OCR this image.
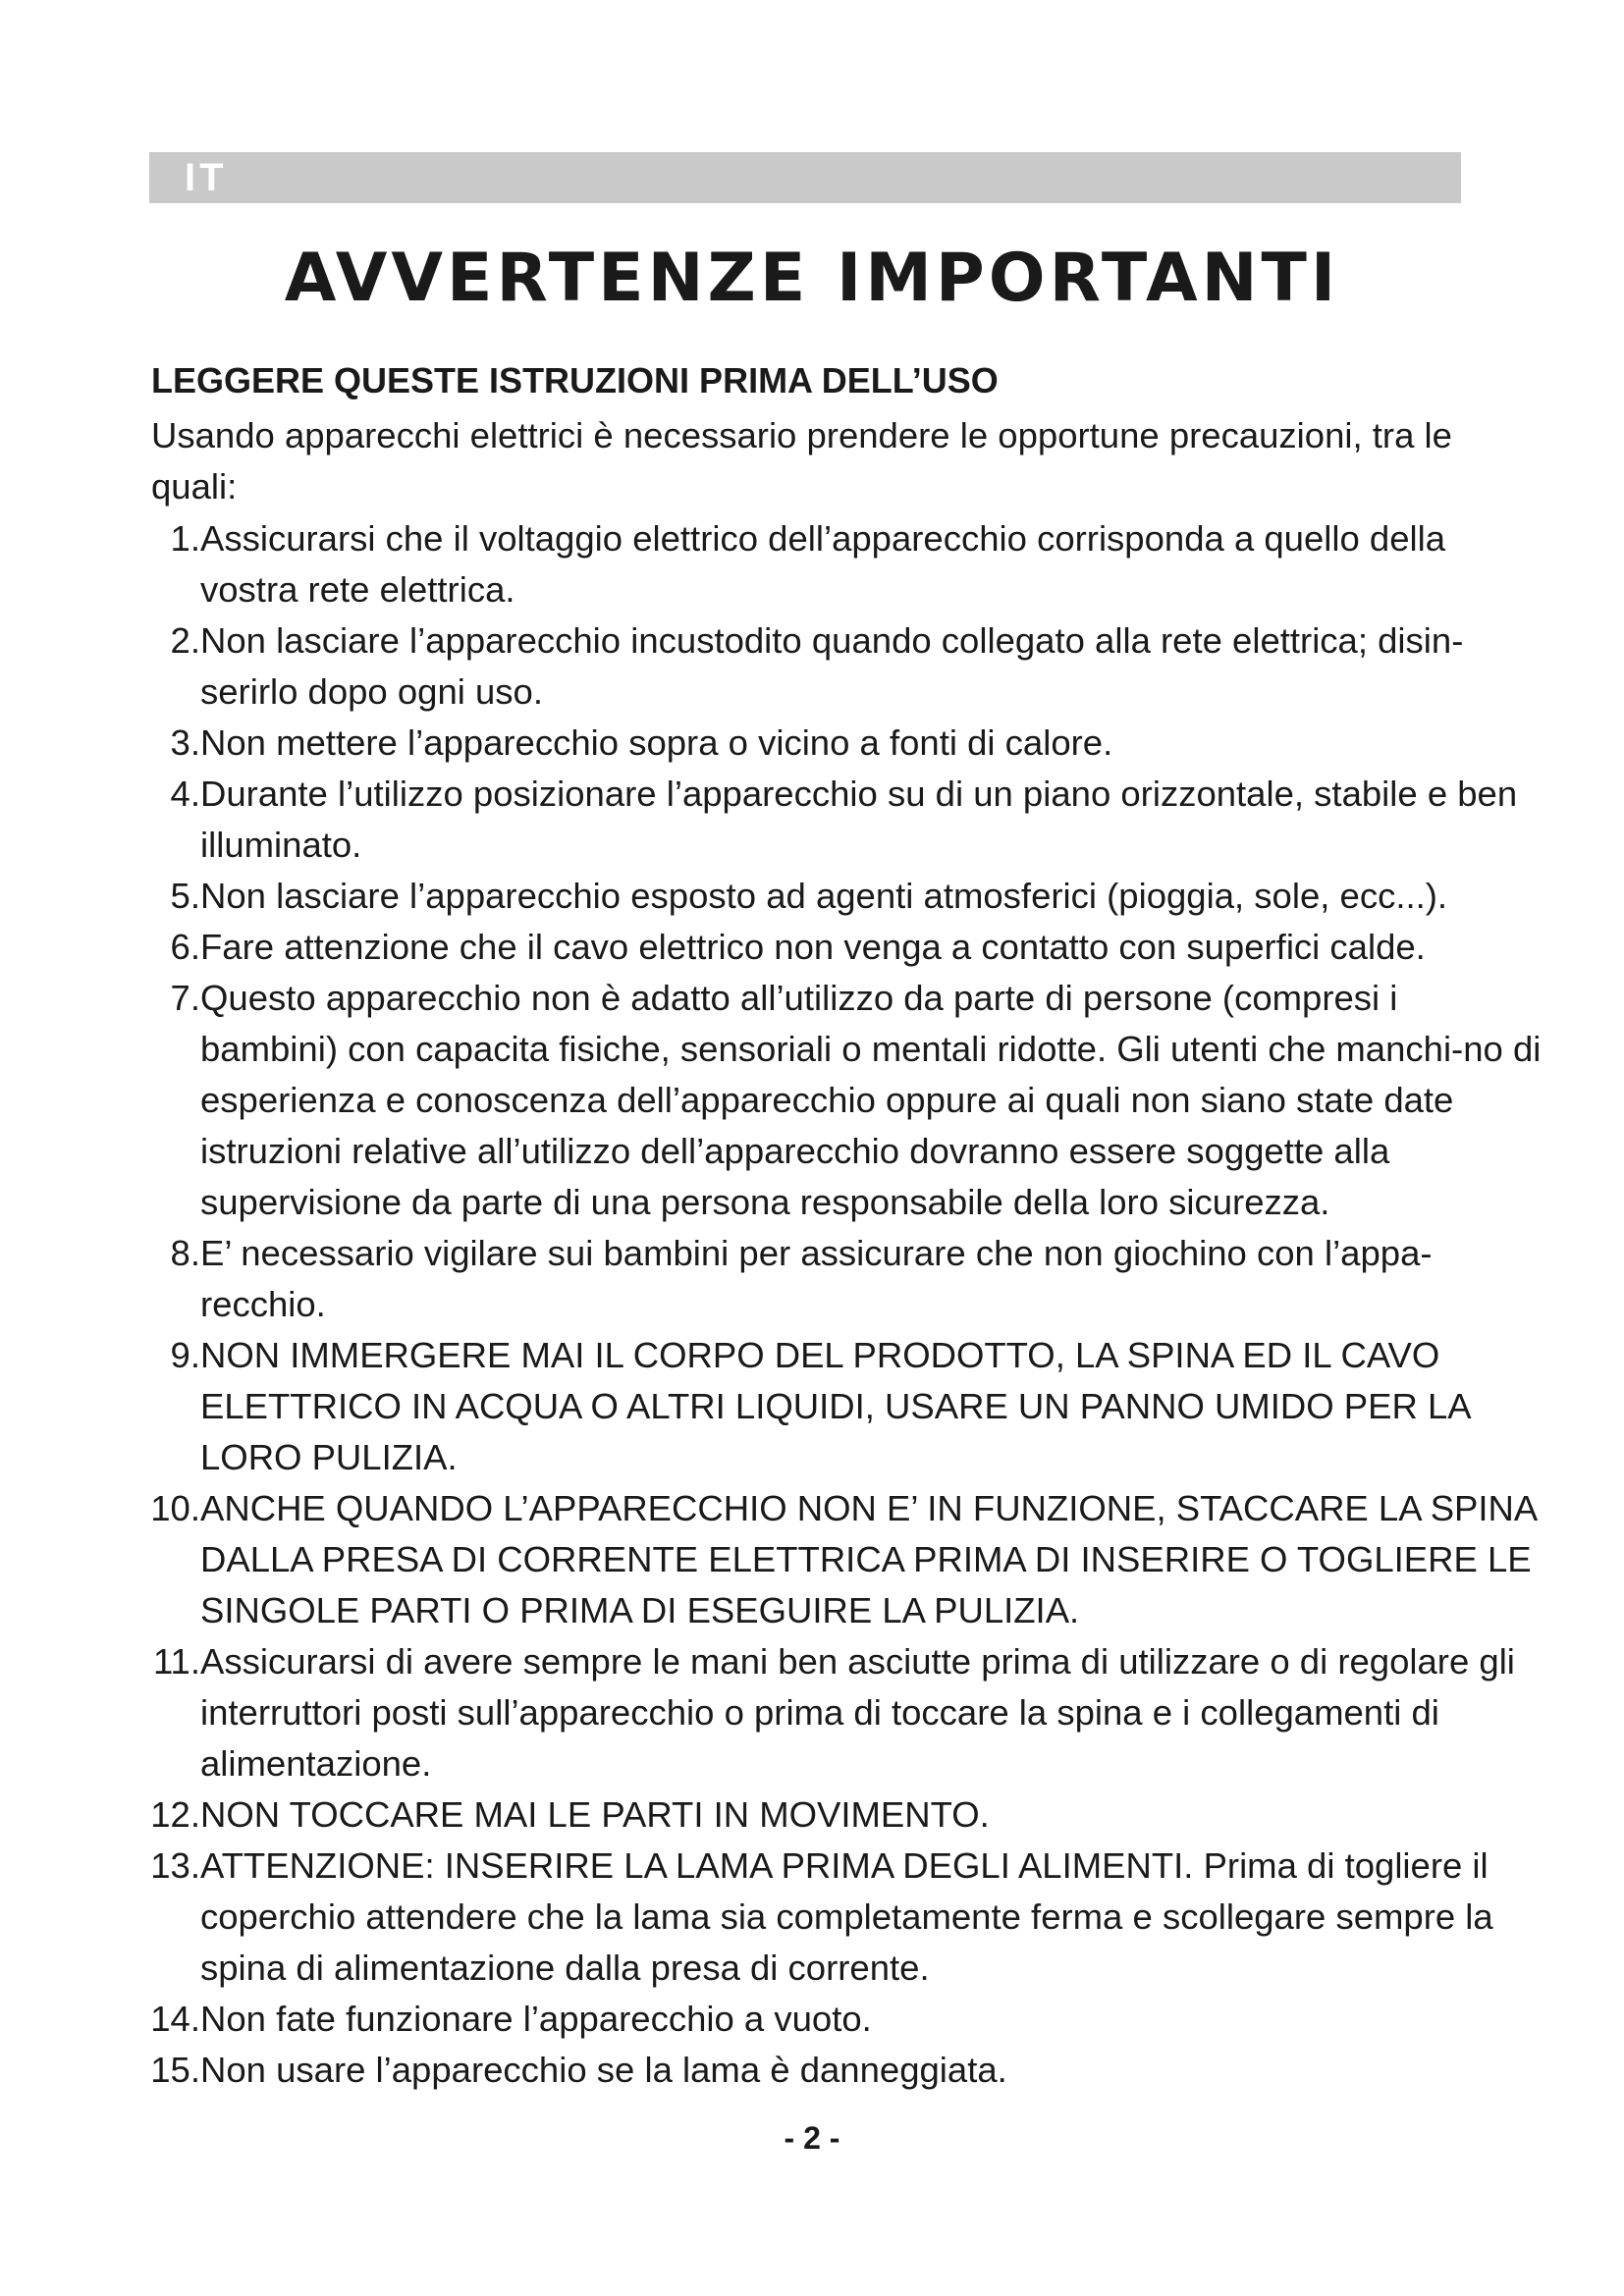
IT
AVVERTENZE IMPORTANTI
LEGGERE QUESTE ISTRUZIONI PRIMA DELL’USO
Usando apparecchi elettrici è necessario prendere le opportune precauzioni, tra le quali:
1. Assicurarsi che il voltaggio elettrico dell’apparecchio corrisponda a quello della vostra rete elettrica.
2. Non lasciare l’apparecchio incustodito quando collegato alla rete elettrica; disin-serirlo dopo ogni uso.
3. Non mettere l’apparecchio sopra o vicino a fonti di calore.
4. Durante l’utilizzo posizionare l’apparecchio su di un piano orizzontale, stabile e ben illuminato.
5. Non lasciare l’apparecchio esposto ad agenti atmosferici (pioggia, sole, ecc...).
6. Fare attenzione che il cavo elettrico non venga a contatto con superfici calde.
7. Questo apparecchio non è adatto all’utilizzo da parte di persone (compresi i bambini) con capacita fisiche, sensoriali o mentali ridotte. Gli utenti che manchi-no di esperienza e conoscenza dell’apparecchio oppure ai quali non siano state date istruzioni relative all’utilizzo dell’apparecchio dovranno essere soggette alla supervisione da parte di una persona responsabile della loro sicurezza.
8. E’ necessario vigilare sui bambini per assicurare che non giochino con l’appa-recchio.
9. NON IMMERGERE MAI IL CORPO DEL PRODOTTO, LA SPINA ED IL CAVO ELETTRICO IN ACQUA O ALTRI LIQUIDI, USARE UN PANNO UMIDO PER LA LORO PULIZIA.
10. ANCHE QUANDO L’APPARECCHIO NON E’ IN FUNZIONE, STACCARE LA SPINA DALLA PRESA DI CORRENTE ELETTRICA PRIMA DI INSERIRE O TOGLIERE LE SINGOLE PARTI O PRIMA DI ESEGUIRE LA PULIZIA.
11. Assicurarsi di avere sempre le mani ben asciutte prima di utilizzare o di regolare gli interruttori posti sull’apparecchio o prima di toccare la spina e i collegamenti di alimentazione.
12. NON TOCCARE MAI LE PARTI IN MOVIMENTO.
13. ATTENZIONE: INSERIRE LA LAMA PRIMA DEGLI ALIMENTI. Prima di togliere il coperchio attendere che la lama sia completamente ferma e scollegare sempre la spina di alimentazione dalla presa di corrente.
14. Non fate funzionare l’apparecchio a vuoto.
15. Non usare l’apparecchio se la lama è danneggiata.
- 2 -
